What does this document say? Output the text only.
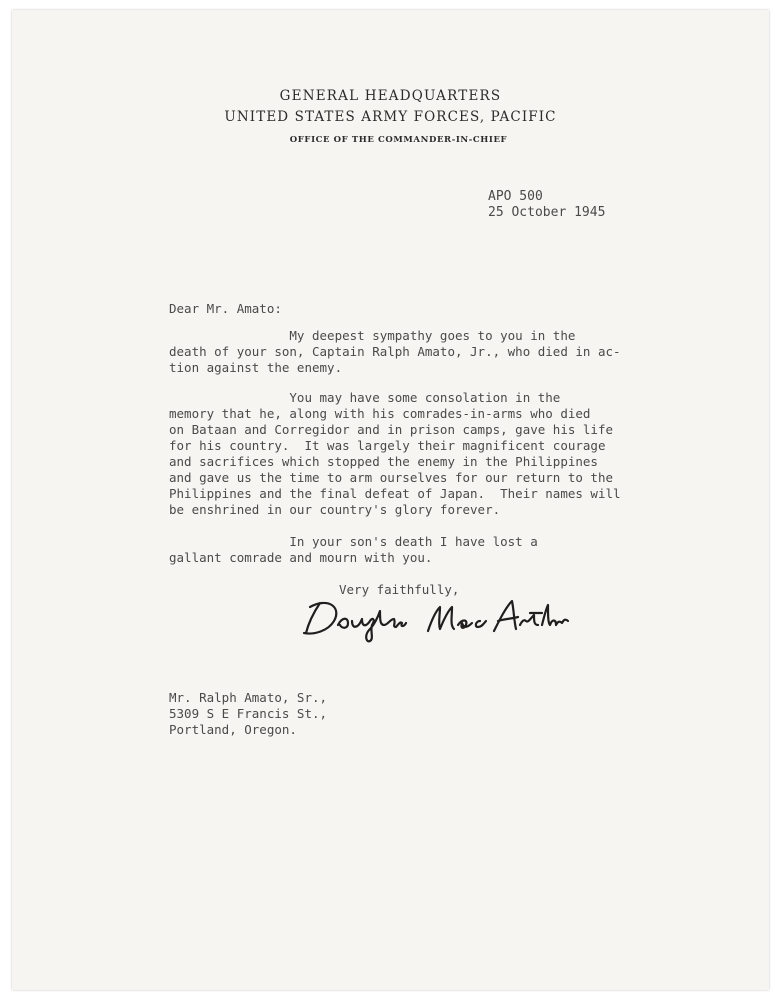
GENERAL HEADQUARTERS
UNITED STATES ARMY FORCES, PACIFIC
OFFICE OF THE COMMANDER-IN-CHIEF
APO 500
25 October 1945
Dear Mr. Amato:
My deepest sympathy goes to you in the
death of your son, Captain Ralph Amato, Jr., who died in ac-
tion against the enemy.
You may have some consolation in the
memory that he, along with his comrades-in-arms who died
on Bataan and Corregidor and in prison camps, gave his life
for his country.  It was largely their magnificent courage
and sacrifices which stopped the enemy in the Philippines
and gave us the time to arm ourselves for our return to the
Philippines and the final defeat of Japan.  Their names will
be enshrined in our country's glory forever.
In your son's death I have lost a
gallant comrade and mourn with you.
Very faithfully,
Mr. Ralph Amato, Sr.,
5309 S E Francis St.,
Portland, Oregon.
